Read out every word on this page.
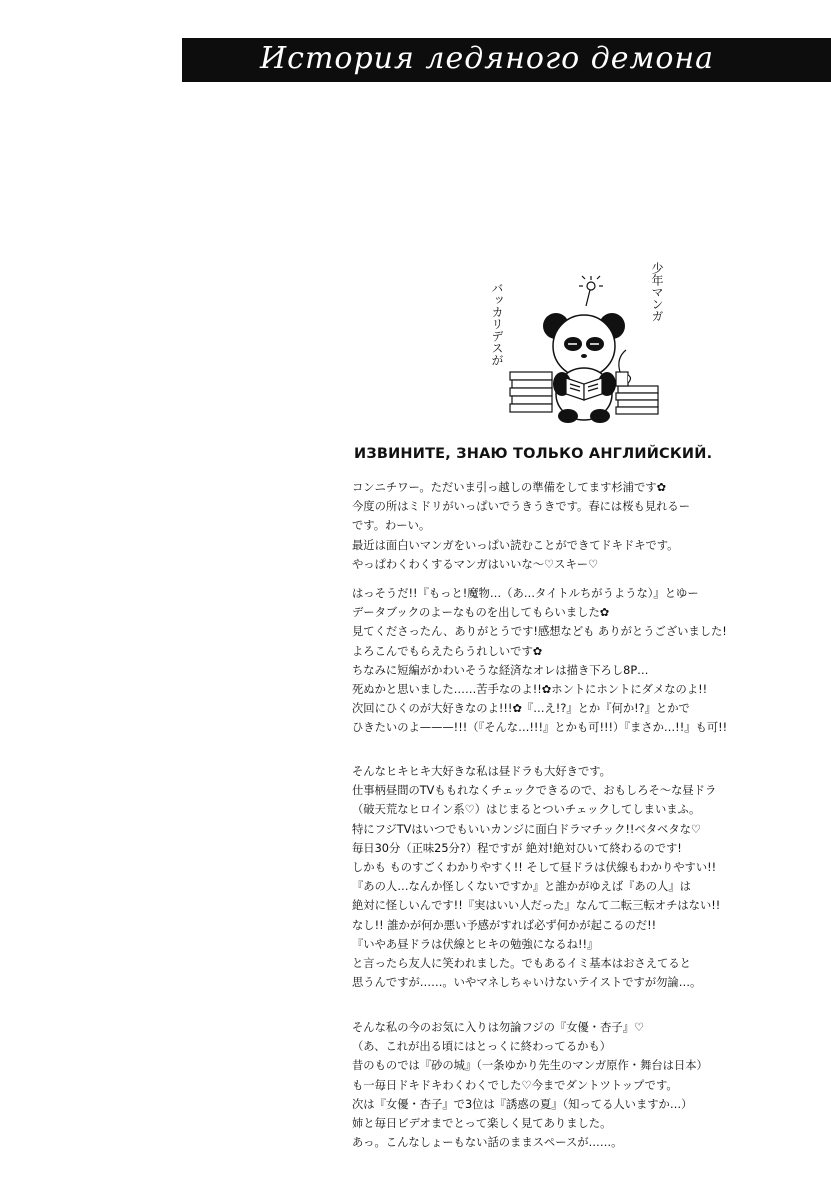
История ледяного демона
少年マンガ
バッカリデスが
ИЗВИНИТЕ, ЗНАЮ ТОЛЬКО АНГЛИЙСКИЙ.
コンニチワー。ただいま引っ越しの準備をしてます杉浦です✿
今度の所はミドリがいっぱいでうきうきです。春には桜も見れるー
です。わーい。
最近は面白いマンガをいっぱい読むことができてドキドキです。
やっぱわくわくするマンガはいいな～♡スキー♡
はっそうだ!!『もっと!魔物…（あ…タイトルちがうような）』とゆー
データブックのよーなものを出してもらいました✿
見てくださったん、ありがとうです!感想なども ありがとうございました!
よろこんでもらえたらうれしいです✿
ちなみに短編がかわいそうな経済なオレは描き下ろし8P…
死ぬかと思いました……苦手なのよ!!✿ホントにホントにダメなのよ!!
次回にひくのが大好きなのよ!!!✿『…え!?』とか『何か!?』とかで
ひきたいのよ———!!!（『そんな…!!!』とかも可!!!）『まさか…!!』も可!!
そんなヒキヒキ大好きな私は昼ドラも大好きです。
仕事柄昼間のTVももれなくチェックできるので、おもしろそ～な昼ドラ
（破天荒なヒロイン系♡）はじまるとついチェックしてしまいまふ。
特にフジTVはいつでもいいカンジに面白ドラマチック!!ベタベタな♡
毎日30分（正味25分?）程ですが 絶対!絶対ひいて終わるのです!
しかも ものすごくわかりやすく!! そして昼ドラは伏線もわかりやすい!!
『あの人…なんか怪しくないですか』と誰かがゆえば『あの人』は
絶対に怪しいんです!!『実はいい人だった』なんて二転三転オチはない!!
なし!! 誰かが何か悪い予感がすれば必ず何かが起こるのだ!!
『いやあ昼ドラは伏線とヒキの勉強になるね!!』
と言ったら友人に笑われました。でもあるイミ基本はおさえてると
思うんですが……。いやマネしちゃいけないテイストですが勿論…。
そんな私の今のお気に入りは勿論フジの『女優・杏子』♡
（あ、これが出る頃にはとっくに終わってるかも）
昔のものでは『砂の城』（一条ゆかり先生のマンガ原作・舞台は日本）
も一毎日ドキドキわくわくでした♡今までダントツトップです。
次は『女優・杏子』で3位は『誘惑の夏』（知ってる人いますか…）
姉と毎日ビデオまでとって楽しく見てありました。
あっ。こんなしょーもない話のままスペースが……。
